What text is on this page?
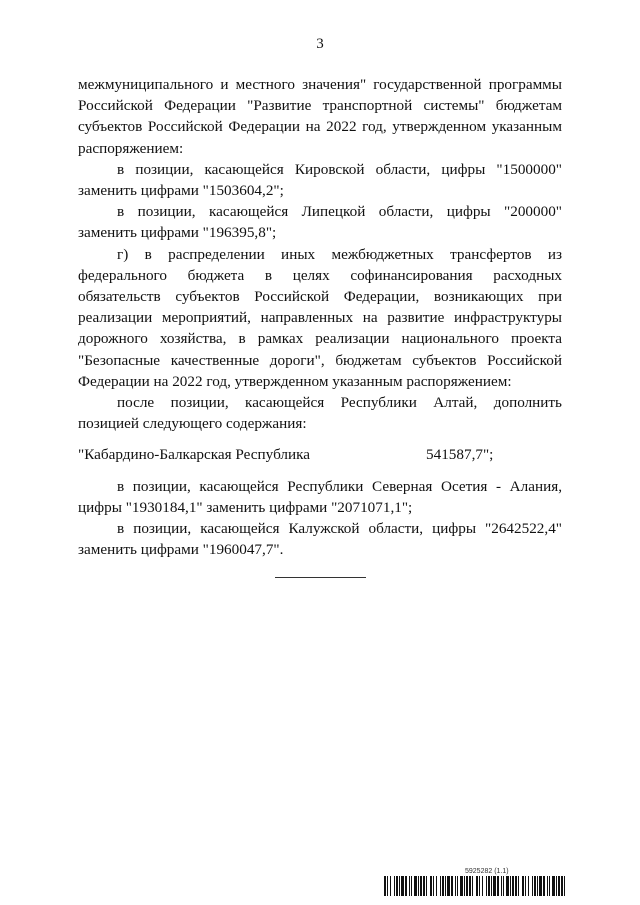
3

межмуниципального и местного значения" государственной программы Российской Федерации "Развитие транспортной системы" бюджетам субъектов Российской Федерации на 2022 год, утвержденном указанным распоряжением:

в позиции, касающейся Кировской области, цифры "1500000" заменить цифрами "1503604,2";

в позиции, касающейся Липецкой области, цифры "200000" заменить цифрами "196395,8";

г) в распределении иных межбюджетных трансфертов из федерального бюджета в целях софинансирования расходных обязательств субъектов Российской Федерации, возникающих при реализации мероприятий, направленных на развитие инфраструктуры дорожного хозяйства, в рамках реализации национального проекта "Безопасные качественные дороги", бюджетам субъектов Российской Федерации на 2022 год, утвержденном указанным распоряжением:

после позиции, касающейся Республики Алтай, дополнить позицией следующего содержания:

"Кабардино-Балкарская Республика	541587,7";

в позиции, касающейся Республики Северная Осетия - Алания, цифры "1930184,1" заменить цифрами "2071071,1";

в позиции, касающейся Калужской области, цифры "2642522,4" заменить цифрами "1960047,7".

5925282 (1.1)
